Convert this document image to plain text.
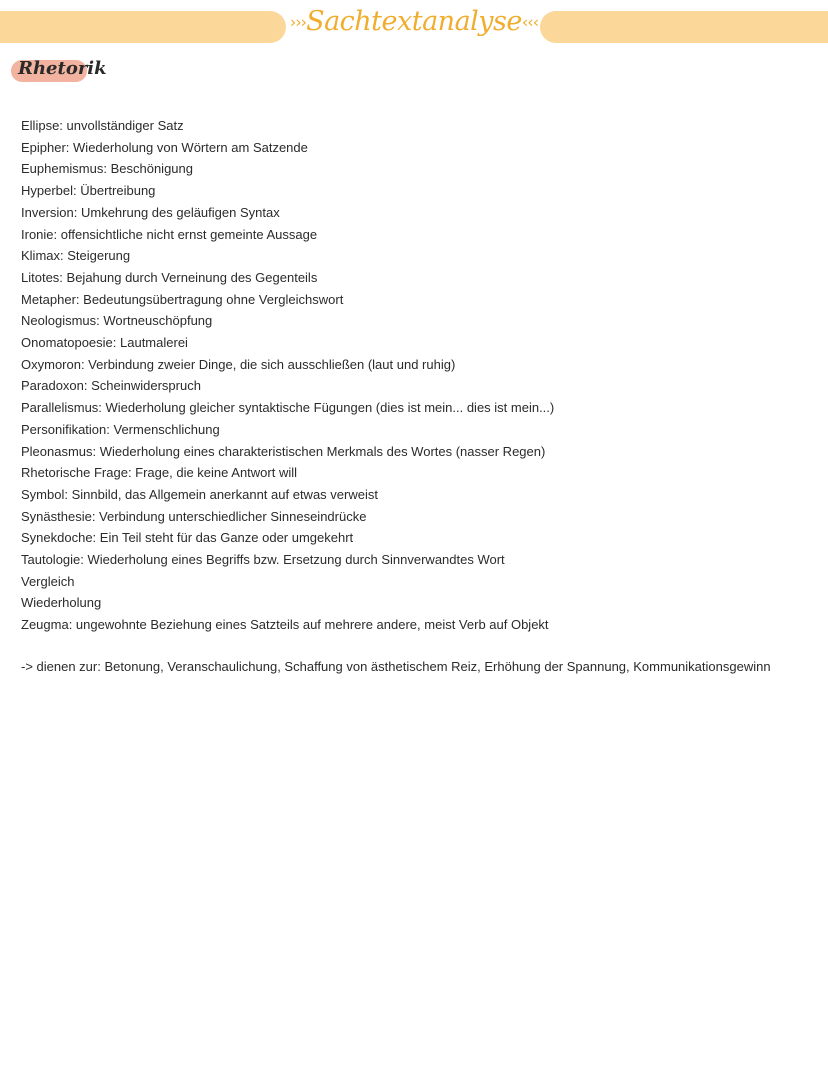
›››Sachtextanalyse‹‹‹
Rhetorik
Ellipse: unvollständiger Satz
Epipher: Wiederholung von Wörtern am Satzende
Euphemismus: Beschönigung
Hyperbel: Übertreibung
Inversion: Umkehrung des geläufigen Syntax
Ironie: offensichtliche nicht ernst gemeinte Aussage
Klimax: Steigerung
Litotes: Bejahung durch Verneinung des Gegenteils
Metapher: Bedeutungsübertragung ohne Vergleichswort
Neologismus: Wortneuschöpfung
Onomatopoesie: Lautmalerei
Oxymoron: Verbindung zweier Dinge, die sich ausschließen (laut und ruhig)
Paradoxon: Scheinwiderspruch
Parallelismus: Wiederholung gleicher syntaktische Fügungen (dies ist mein... dies ist mein...)
Personifikation: Vermenschlichung
Pleonasmus: Wiederholung eines charakteristischen Merkmals des Wortes (nasser Regen)
Rhetorische Frage: Frage, die keine Antwort will
Symbol: Sinnbild, das Allgemein anerkannt auf etwas verweist
Synästhesie: Verbindung unterschiedlicher Sinneseindrücke
Synekdoche: Ein Teil steht für das Ganze oder umgekehrt
Tautologie: Wiederholung eines Begriffs bzw. Ersetzung durch Sinnverwandtes Wort
Vergleich
Wiederholung
Zeugma: ungewohnte Beziehung eines Satzteils auf mehrere andere, meist Verb auf Objekt
-> dienen zur: Betonung, Veranschaulichung, Schaffung von ästhetischem Reiz, Erhöhung der Spannung, Kommunikationsgewinn
